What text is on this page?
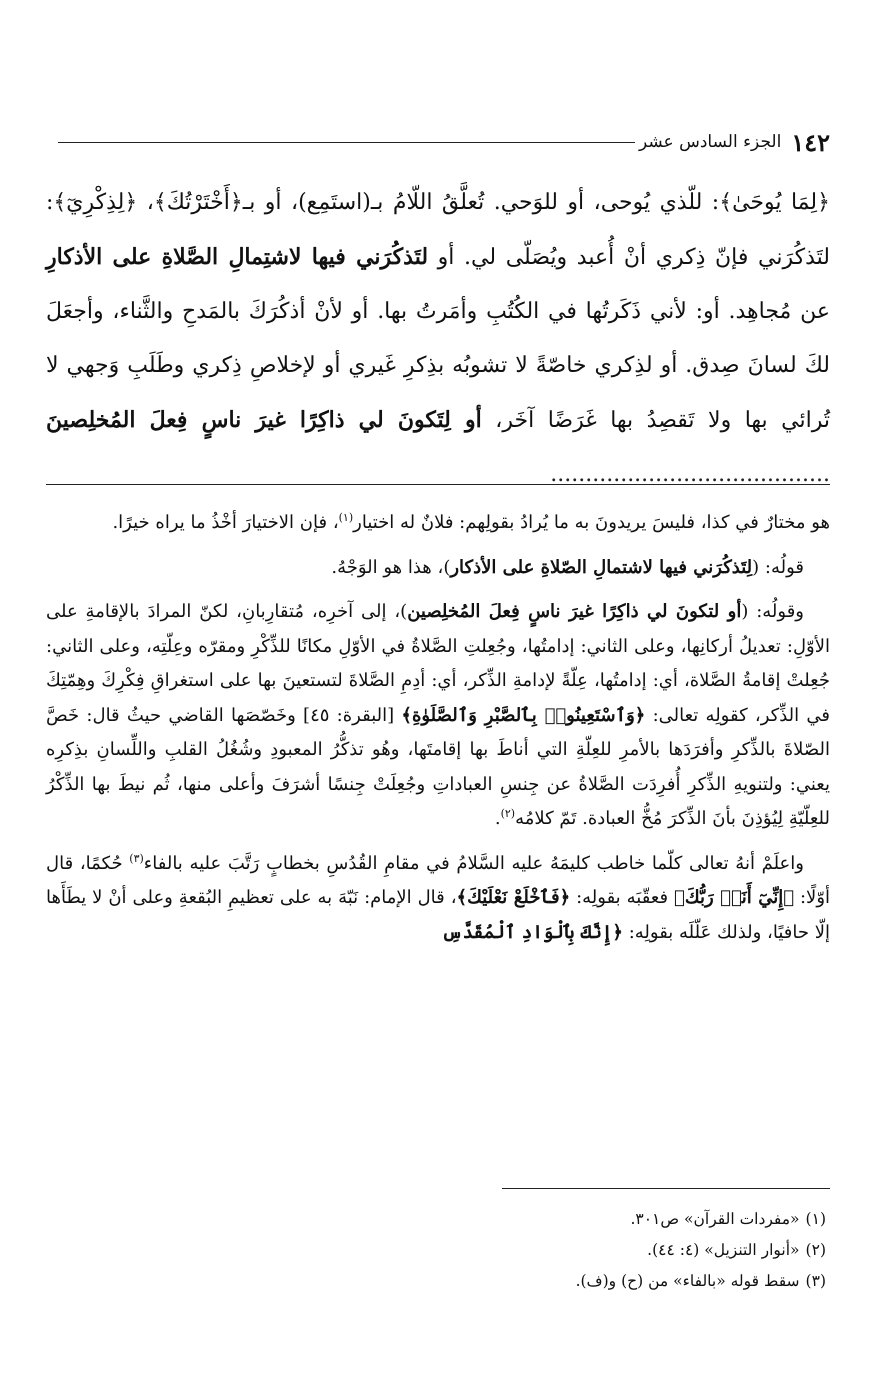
١٤٢
الجزء السادس عشر

﴿لِمَا يُوحَىٰ﴾: للّذي يُوحى، أو للوَحي. تُعلَّقُ اللّامُ بـ(استَمِع)، أو بـ﴿أَخْتَرْتُكَ﴾، ﴿لِذِكْرِيٓ﴾: لتَذكُرَني فإنّ ذِكري أنْ أُعبد ويُصَلّى لي. أو لتَذكُرَني فيها لاشتِمالِ الصَّلاةِ على الأذكارِ عن مُجاهِد. أو: لأني ذَكَرتُها في الكُتُبِ وأمَرتُ بها. أو لأنْ أذكُرَكَ بالمَدحِ والثَّناء، وأجعَلَ لكَ لسانَ صِدق. أو لذِكري خاصّةً لا تشوبُه بذِكرِ غَيري أو لإخلاصِ ذِكري وطَلَبِ وَجهي لا تُرائي بها ولا تَقصِدُ بها غَرَضًا آخَر، أو لِتَكونَ لي ذاكِرًا غيرَ ناسٍ فِعلَ المُخلِصينَ ........................................

هو مختارٌ في كذا، فليسَ يريدونَ به ما يُرادُ بقولِهم: فلانٌ له اختيار$^{(١)}$، فإن الاختيارَ أخْذُ ما يراه خيرًا.

قولُه: (لِتَذكُرَني فيها لاشتمالِ الصّلاةِ على الأذكار)، هذا هو الوَجْهُ.

وقولُه: (أو لتكونَ لي ذاكِرًا غيرَ ناسٍ فِعلَ المُخلِصين)، إلى آخرِه، مُتقارِبانِ، لكنّ المرادَ بالإقامةِ على الأوّلِ: تعديلُ أركانِها، وعلى الثاني: إدامتُها، وجُعِلتِ الصَّلاةُ في الأوّلِ مكانًا للذِّكْرِ ومقرّه وعِلّتِه، وعلى الثاني: جُعِلتْ إقامةُ الصَّلاة، أي: إدامتُها، عِلّةً لإدامةِ الذِّكر، أي: أدِمِ الصَّلاةَ لتستعينَ بها على استغراقِ فِكْرِكَ وهِمّتِكَ في الذِّكر، كقولِه تعالى: ﴿وَٱسْتَعِينُوا۟ بِٱلصَّبْرِ وَٱلصَّلَوٰةِ﴾ [البقرة: ٤٥] وخَصّصَها القاضي حيثُ قال: خَصَّ الصّلاةَ بالذِّكرِ وأفرَدَها بالأمرِ للعِلّةِ التي أناطَ بها إقامتَها، وهُو تذكُّرُ المعبودِ وشُغُلُ القلبِ واللِّسانِ بذِكرِه يعني: ولتنويهِ الذِّكرِ أُفرِدَت الصَّلاةُ عن جِنسِ العباداتِ وجُعِلَتْ جِنسًا أشرَفَ وأعلى منها، ثُم نيطَ بها الذِّكْرُ للعِلّيّةِ لِيُؤذِنَ بأنَ الذِّكرَ مُخُّ العبادة. تَمّ كلامُه$^{(٢)}$.

واعلَمْ أنهُ تعالى كلّما خاطب كليمَهُ عليه السَّلامُ في مقامِ القُدُسِ بخطابٍ رَتَّبَ عليه بالفاء$^{(٣)}$ حُكمًا، قال أوّلًا: ﴿إِنِّيٓ أَنَا۠ رَبُّكَ﴾ فعقّبَه بقولِه: ﴿فَٱخْلَعْ نَعْلَيْكَ﴾، قال الإمام: نَبّهَ به على تعظيمِ البُقعةِ وعلى أنْ لا يطَأَها إلّا حافيًا، ولذلك عَلّلَه بقولِه: ﴿إِنَّكَ بِٱلْوَادِ ٱلْمُقَدَّسِ

(١)«مفردات القرآن» ص٣٠١.
(٢)«أنوار التنزيل» (٤: ٤٤).
(٣)سقط قوله «بالفاء» من (ح) و(ف).
